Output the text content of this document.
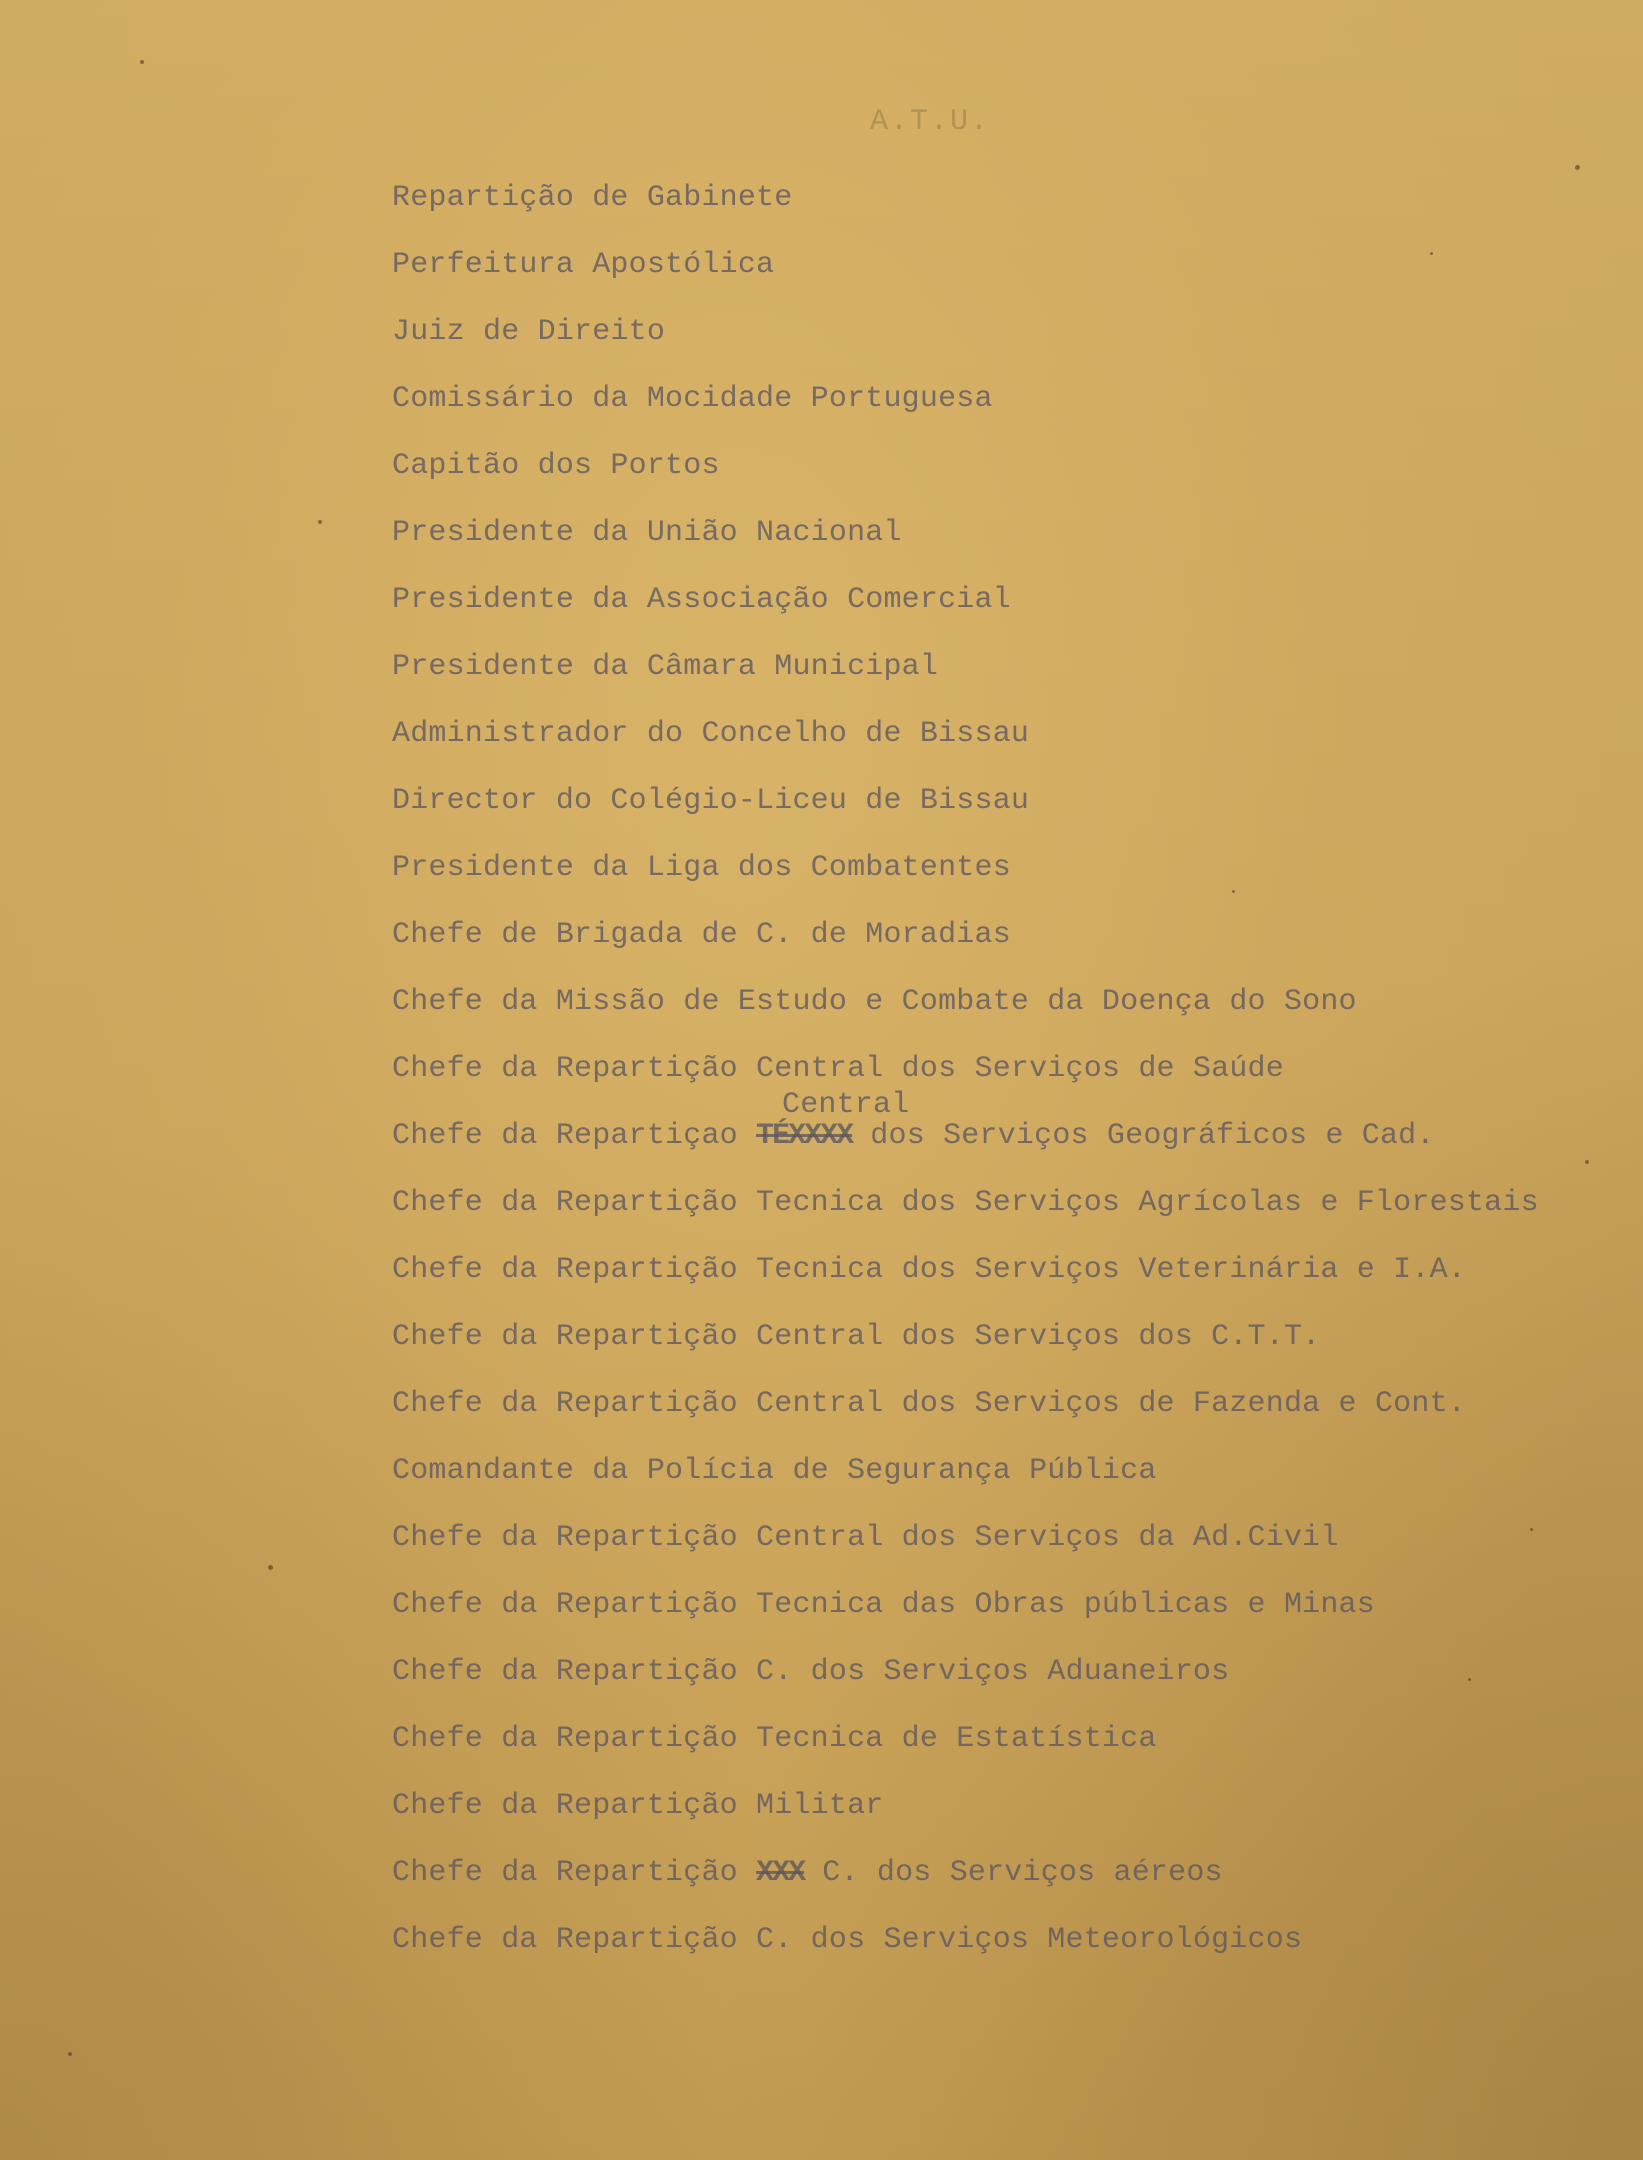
A.T.U.
Repartição de Gabinete
Perfeitura Apostólica
Juiz de Direito
Comissário da Mocidade Portuguesa
Capitão dos Portos
Presidente da União Nacional
Presidente da Associação Comercial
Presidente da Câmara Municipal
Administrador do Concelho de Bissau
Director do Colégio-Liceu de Bissau
Presidente da Liga dos Combatentes
Chefe de Brigada de C. de Moradias
Chefe da Missão de Estudo e Combate da Doença do Sono
Chefe da Repartição Central dos Serviços de Saúde
Central
Chefe da Repartiçao TÉXXXX dos Serviços Geográficos e Cad.
Chefe da Repartição Tecnica dos Serviços Agrícolas e Florestais
Chefe da Repartição Tecnica dos Serviços Veterinária e I.A.
Chefe da Repartição Central dos Serviços dos C.T.T.
Chefe da Repartição Central dos Serviços de Fazenda e Cont.
Comandante da Polícia de Segurança Pública
Chefe da Repartição Central dos Serviços da Ad.Civil
Chefe da Repartição Tecnica das Obras públicas e Minas
Chefe da Repartição C. dos Serviços Aduaneiros
Chefe da Repartição Tecnica de Estatística
Chefe da Repartição Militar
Chefe da Repartição XXX C. dos Serviços aéreos
Chefe da Repartição C. dos Serviços Meteorológicos
